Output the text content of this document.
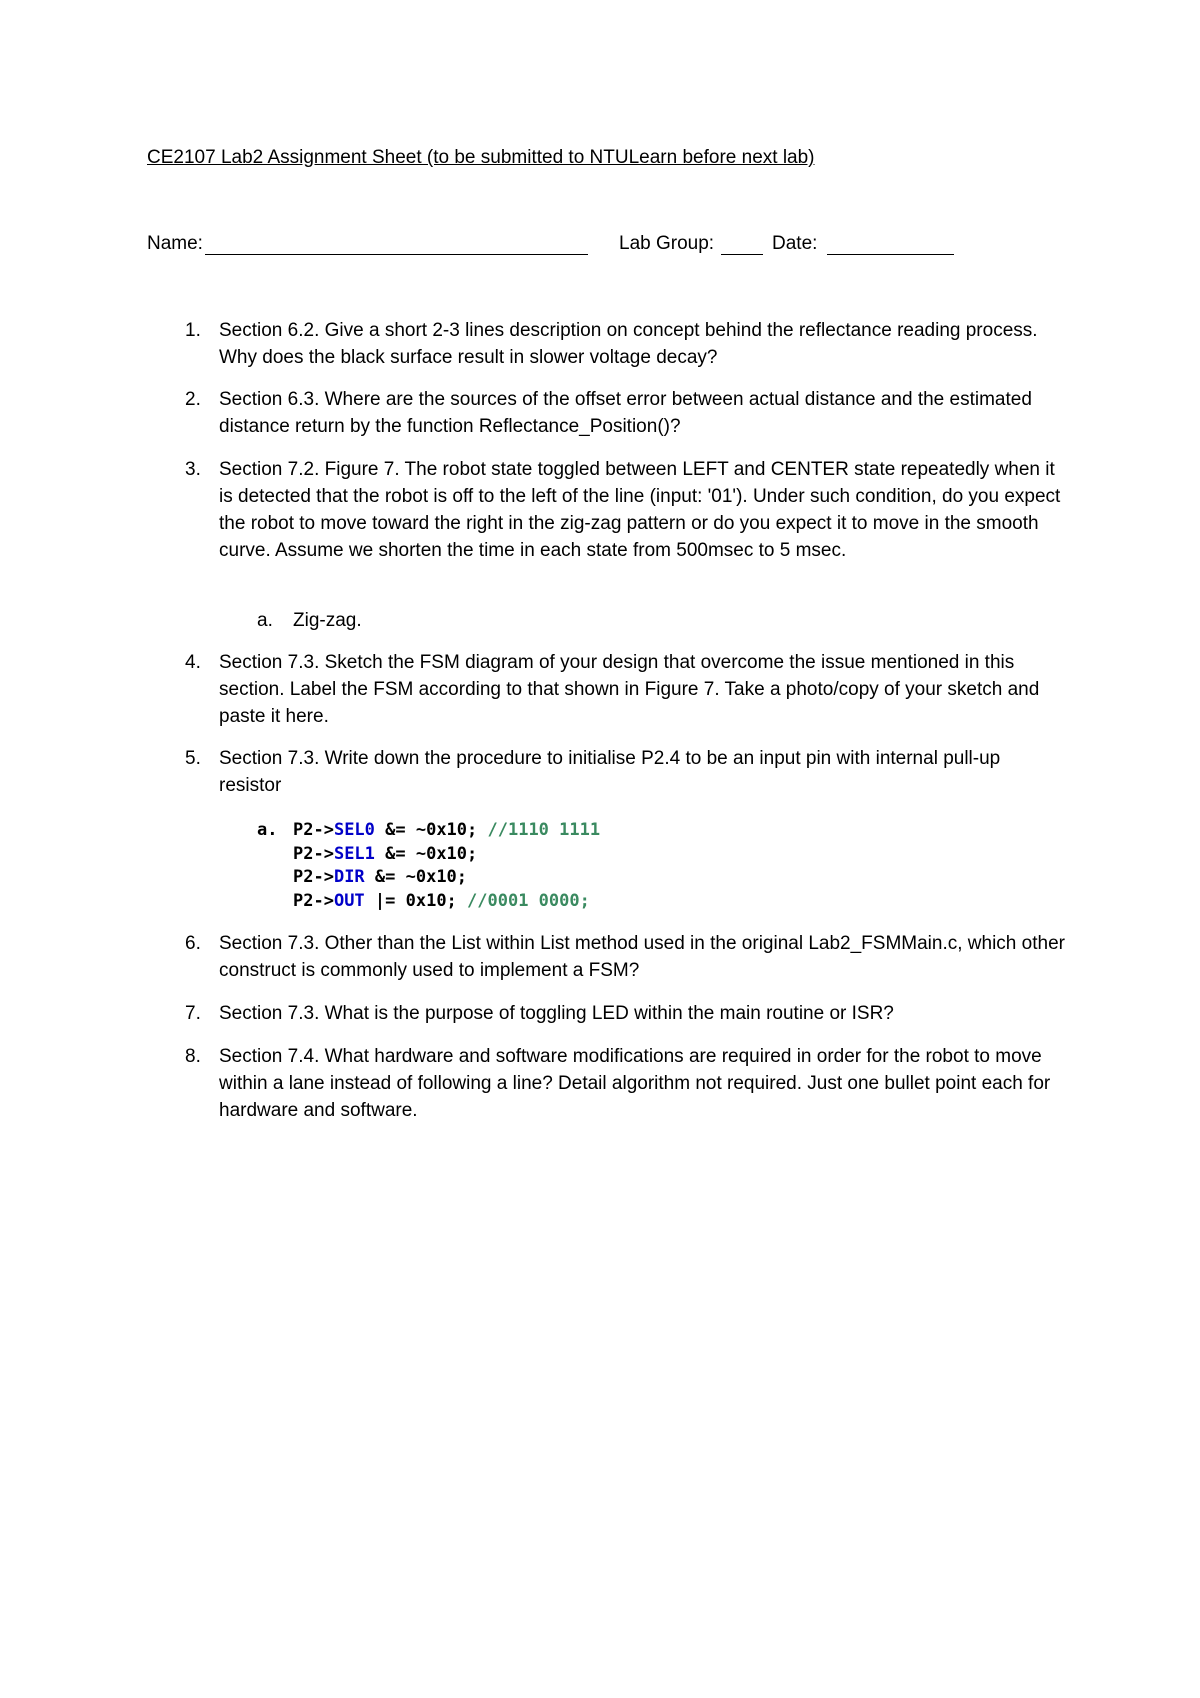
CE2107 Lab2 Assignment Sheet (to be submitted to NTULearn before next lab)
Name:	Lab Group:	Date:
1. Section 6.2. Give a short 2-3 lines description on concept behind the reflectance reading process. Why does the black surface result in slower voltage decay?
2. Section 6.3. Where are the sources of the offset error between actual distance and the estimated distance return by the function Reflectance_Position()?
3. Section 7.2. Figure 7. The robot state toggled between LEFT and CENTER state repeatedly when it is detected that the robot is off to the left of the line (input: '01'). Under such condition, do you expect the robot to move toward the right in the zig-zag pattern or do you expect it to move in the smooth curve. Assume we shorten the time in each state from 500msec to 5 msec.
a. Zig-zag.
4. Section 7.3. Sketch the FSM diagram of your design that overcome the issue mentioned in this section. Label the FSM according to that shown in Figure 7. Take a photo/copy of your sketch and paste it here.
5. Section 7.3. Write down the procedure to initialise P2.4 to be an input pin with internal pull-up resistor

a.

P2->SEL0 &= ~0x10; //1110 1111

P2->SEL1 &= ~0x10;

P2->DIR &= ~0x10;

P2->OUT |= 0x10; //0001 0000;

6. Section 7.3. Other than the List within List method used in the original Lab2_FSMMain.c, which other construct is commonly used to implement a FSM?
7. Section 7.3. What is the purpose of toggling LED within the main routine or ISR?
8. Section 7.4. What hardware and software modifications are required in order for the robot to move within a lane instead of following a line? Detail algorithm not required. Just one bullet point each for hardware and software.
